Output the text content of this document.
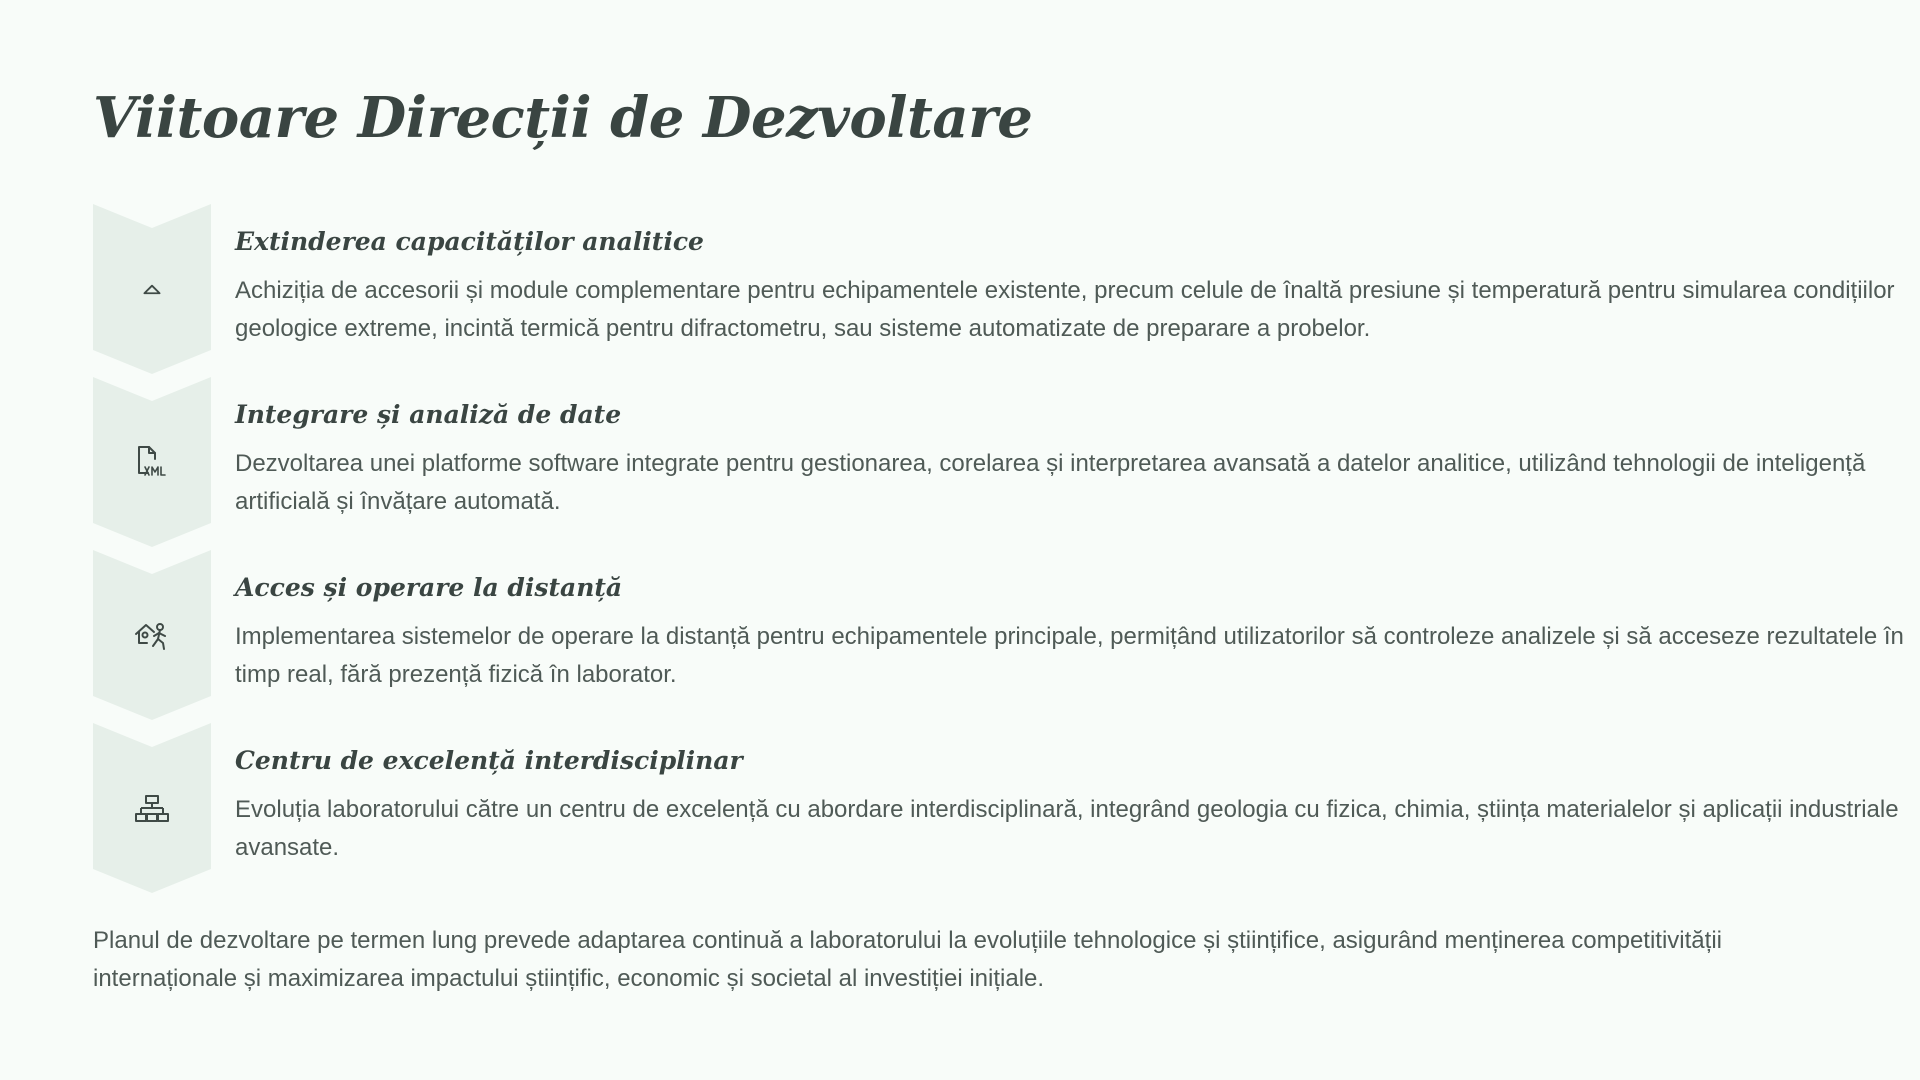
Viitoare Direcții de Dezvoltare
Extinderea capacităților analitice

Achiziția de accesorii și module complementare pentru echipamentele existente, precum celule de înaltă presiune și temperatură pentru simularea condițiilor geologice extreme, incintă termică pentru difractometru, sau sisteme automatizate de preparare a probelor.

Integrare și analiză de date

Dezvoltarea unei platforme software integrate pentru gestionarea, corelarea și interpretarea avansată a datelor analitice, utilizând tehnologii de inteligență artificială și învățare automată.

Acces și operare la distanță

Implementarea sistemelor de operare la distanță pentru echipamentele principale, permițând utilizatorilor să controleze analizele și să acceseze rezultatele în timp real, fără prezență fizică în laborator.

Centru de excelență interdisciplinar

Evoluția laboratorului către un centru de excelență cu abordare interdisciplinară, integrând geologia cu fizica, chimia, știința materialelor și aplicații industriale avansate.

Planul de dezvoltare pe termen lung prevede adaptarea continuă a laboratorului la evoluțiile tehnologice și științifice, asigurând menținerea competitivității internaționale și maximizarea impactului științific, economic și societal al investiției inițiale.
